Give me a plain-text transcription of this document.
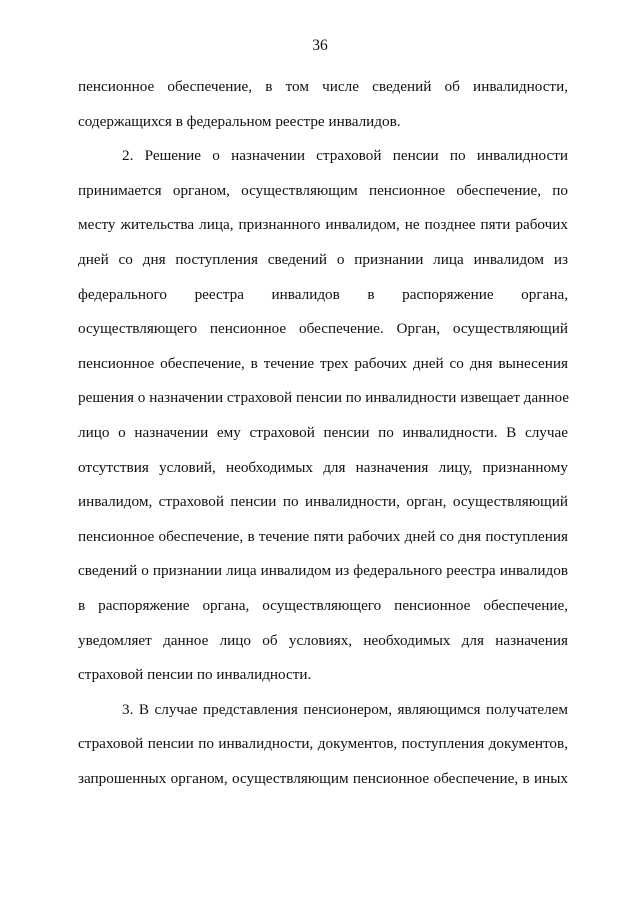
36
пенсионное обеспечение, в том числе сведений об инвалидности,
содержащихся в федеральном реестре инвалидов.
2. Решение о назначении страховой пенсии по инвалидности
принимается органом, осуществляющим пенсионное обеспечение, по
месту жительства лица, признанного инвалидом, не позднее пяти рабочих
дней со дня поступления сведений о признании лица инвалидом из
федерального реестра инвалидов в распоряжение органа,
осуществляющего пенсионное обеспечение. Орган, осуществляющий
пенсионное обеспечение, в течение трех рабочих дней со дня вынесения
решения о назначении страховой пенсии по инвалидности извещает данное
лицо о назначении ему страховой пенсии по инвалидности. В случае
отсутствия условий, необходимых для назначения лицу, признанному
инвалидом, страховой пенсии по инвалидности, орган, осуществляющий
пенсионное обеспечение, в течение пяти рабочих дней со дня поступления
сведений о признании лица инвалидом из федерального реестра инвалидов
в распоряжение органа, осуществляющего пенсионное обеспечение,
уведомляет данное лицо об условиях, необходимых для назначения
страховой пенсии по инвалидности.
3. В случае представления пенсионером, являющимся получателем
страховой пенсии по инвалидности, документов, поступления документов,
запрошенных органом, осуществляющим пенсионное обеспечение, в иных
